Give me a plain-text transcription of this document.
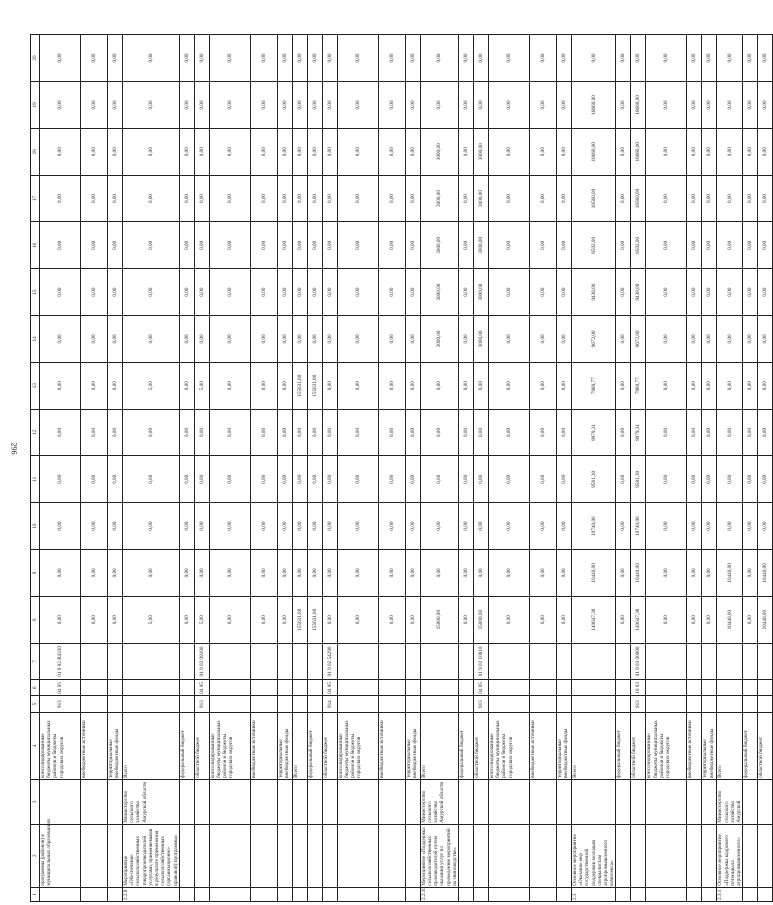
296
1	2	3	4	5	6	7	8	9	10	11	12	13	14	15	16	17	18	19	20
	программы (районов) в муниципальных образованиях		консолидированные бюджеты муниципальных районов и бюджеты городских округов	913	04 05	01 9 02 R4330	0,00	0,00	0,00	0,00	0,00	0,00	0,00	0,00	0,00	0,00	0,00	0,00	0,00
			внебюджетные источники				0,00	0,00	0,00	0,00	0,00	0,00	0,00	0,00	0,00	0,00	0,00	0,00	0,00
			территориальные внебюджетные фонды				0,00	0,00	0,00	0,00	0,00	0,00	0,00	0,00	0,00	0,00	0,00	0,00	0,00
2.2.9	Мероприятие «Обеспечение сельскохозяйственных товаропроизводителей услугами, применяемыми в результате применения сельскохозяйственных (организационно-правовой) программы»	Министерство сельского хозяйства Амурской области	Всего				5,00	0,00	0,00	0,00	0,00	5,00	0,00	0,00	0,00	0,00	0,00	0,00	0,00
			федеральный бюджет				0,00	0,00	0,00	0,00	0,00	0,00	0,00	0,00	0,00	0,00	0,00	0,00	0,00
			областной бюджет	913	04 05	01 9 02 09100	5,00	0,00	0,00	0,00	0,00	5,00	0,00	0,00	0,00	0,00	0,00	0,00	0,00
			консолидированные бюджеты муниципальных районов и бюджеты городских округов				0,00	0,00	0,00	0,00	0,00	0,00	0,00	0,00	0,00	0,00	0,00	0,00	0,00
			внебюджетные источники				0,00	0,00	0,00	0,00	0,00	0,00	0,00	0,00	0,00	0,00	0,00	0,00	0,00
			территориальные внебюджетные фонды				0,00	0,00	0,00	0,00	0,00	0,00	0,00	0,00	0,00	0,00	0,00	0,00	0,00
			Всего				155631,80	0,00	0,00	0,00	0,00	155631,80	0,00	0,00	0,00	0,00	0,00	0,00	0,00
			федеральный бюджет				155631,80	0,00	0,00	0,00	0,00	155631,80	0,00	0,00	0,00	0,00	0,00	0,00	0,00
			областной бюджет	914	04 05	01 9 02 54290	0,00	0,00	0,00	0,00	0,00	0,00	0,00	0,00	0,00	0,00	0,00	0,00	0,00
			консолидированные бюджеты муниципальных районов и бюджеты городских округов				0,00	0,00	0,00	0,00	0,00	0,00	0,00	0,00	0,00	0,00	0,00	0,00	0,00
			внебюджетные источники				0,00	0,00	0,00	0,00	0,00	0,00	0,00	0,00	0,00	0,00	0,00	0,00	0,00
			территориальные внебюджетные фонды				0,00	0,00	0,00	0,00	0,00	0,00	0,00	0,00	0,00	0,00	0,00	0,00	0,00
2.2.10	Мероприятие «Поддержка сельскохозяйственных производителей путем оказания услуг по проведению мероприятий на свиноводстве»	Министерство сельского хозяйства Амурской области	Всего				15000,00	0,00	0,00	0,00	0,00	0,00	3000,00	3000,00	3000,00	3000,00	3000,00	0,00	0,00
			федеральный бюджет				0,00	0,00	0,00	0,00	0,00	0,00	0,00	0,00	0,00	0,00	0,00	0,00	0,00
			областной бюджет	913	04 05	01 9 02 10810	15000,00	0,00	0,00	0,00	0,00	0,00	3000,00	3000,00	3000,00	3000,00	3000,00	0,00	0,00
			консолидированные бюджеты муниципальных районов и бюджеты городских округов				0,00	0,00	0,00	0,00	0,00	0,00	0,00	0,00	0,00	0,00	0,00	0,00	0,00
			внебюджетные источники				0,00	0,00	0,00	0,00	0,00	0,00	0,00	0,00	0,00	0,00	0,00	0,00	0,00
			территориальные внебюджетные фонды				0,00	0,00	0,00	0,00	0,00	0,00	0,00	0,00	0,00	0,00	0,00	0,00	0,00
2.3	Основное мероприятие «Оказание мер государственной поддержки молодым специалистам агропромышленного комплекса»		Всего				140647,38	10440,00	10740,00	9581,30	9979,31	7980,77	9672,00	9438,00	8502,00	18560,00	18660,00	18660,00	0,00
			федеральный бюджет				0,00	0,00	0,00	0,00	0,00	0,00	0,00	0,00	0,00	0,00	0,00	0,00	0,00
			областной бюджет	913	10 03	01 9 03 00000	140647,38	10440,00	10740,00	9581,30	9979,31	7980,77	9672,00	9438,00	8502,00	18560,00	18660,00	18660,00	0,00
			консолидированные бюджеты муниципальных районов и бюджеты городских округов				0,00	0,00	0,00	0,00	0,00	0,00	0,00	0,00	0,00	0,00	0,00	0,00	0,00
			внебюджетные источники				0,00	0,00	0,00	0,00	0,00	0,00	0,00	0,00	0,00	0,00	0,00	0,00	0,00
			территориальные внебюджетные фонды				0,00	0,00	0,00	0,00	0,00	0,00	0,00	0,00	0,00	0,00	0,00	0,00	0,00
2.3.1	Основное мероприятие «Поддержка кадрового потенциала агропромышленного»	Министерство сельского хозяйства Амурской	Всего				10440,00	10440,00	0,00	0,00	0,00	0,00	0,00	0,00	0,00	0,00	0,00	0,00	0,00
			федеральный бюджет				0,00	0,00	0,00	0,00	0,00	0,00	0,00	0,00	0,00	0,00	0,00	0,00	0,00
			областной бюджет				10440,00	10440,00	0,00	0,00	0,00	0,00	0,00	0,00	0,00	0,00	0,00	0,00	0,00
